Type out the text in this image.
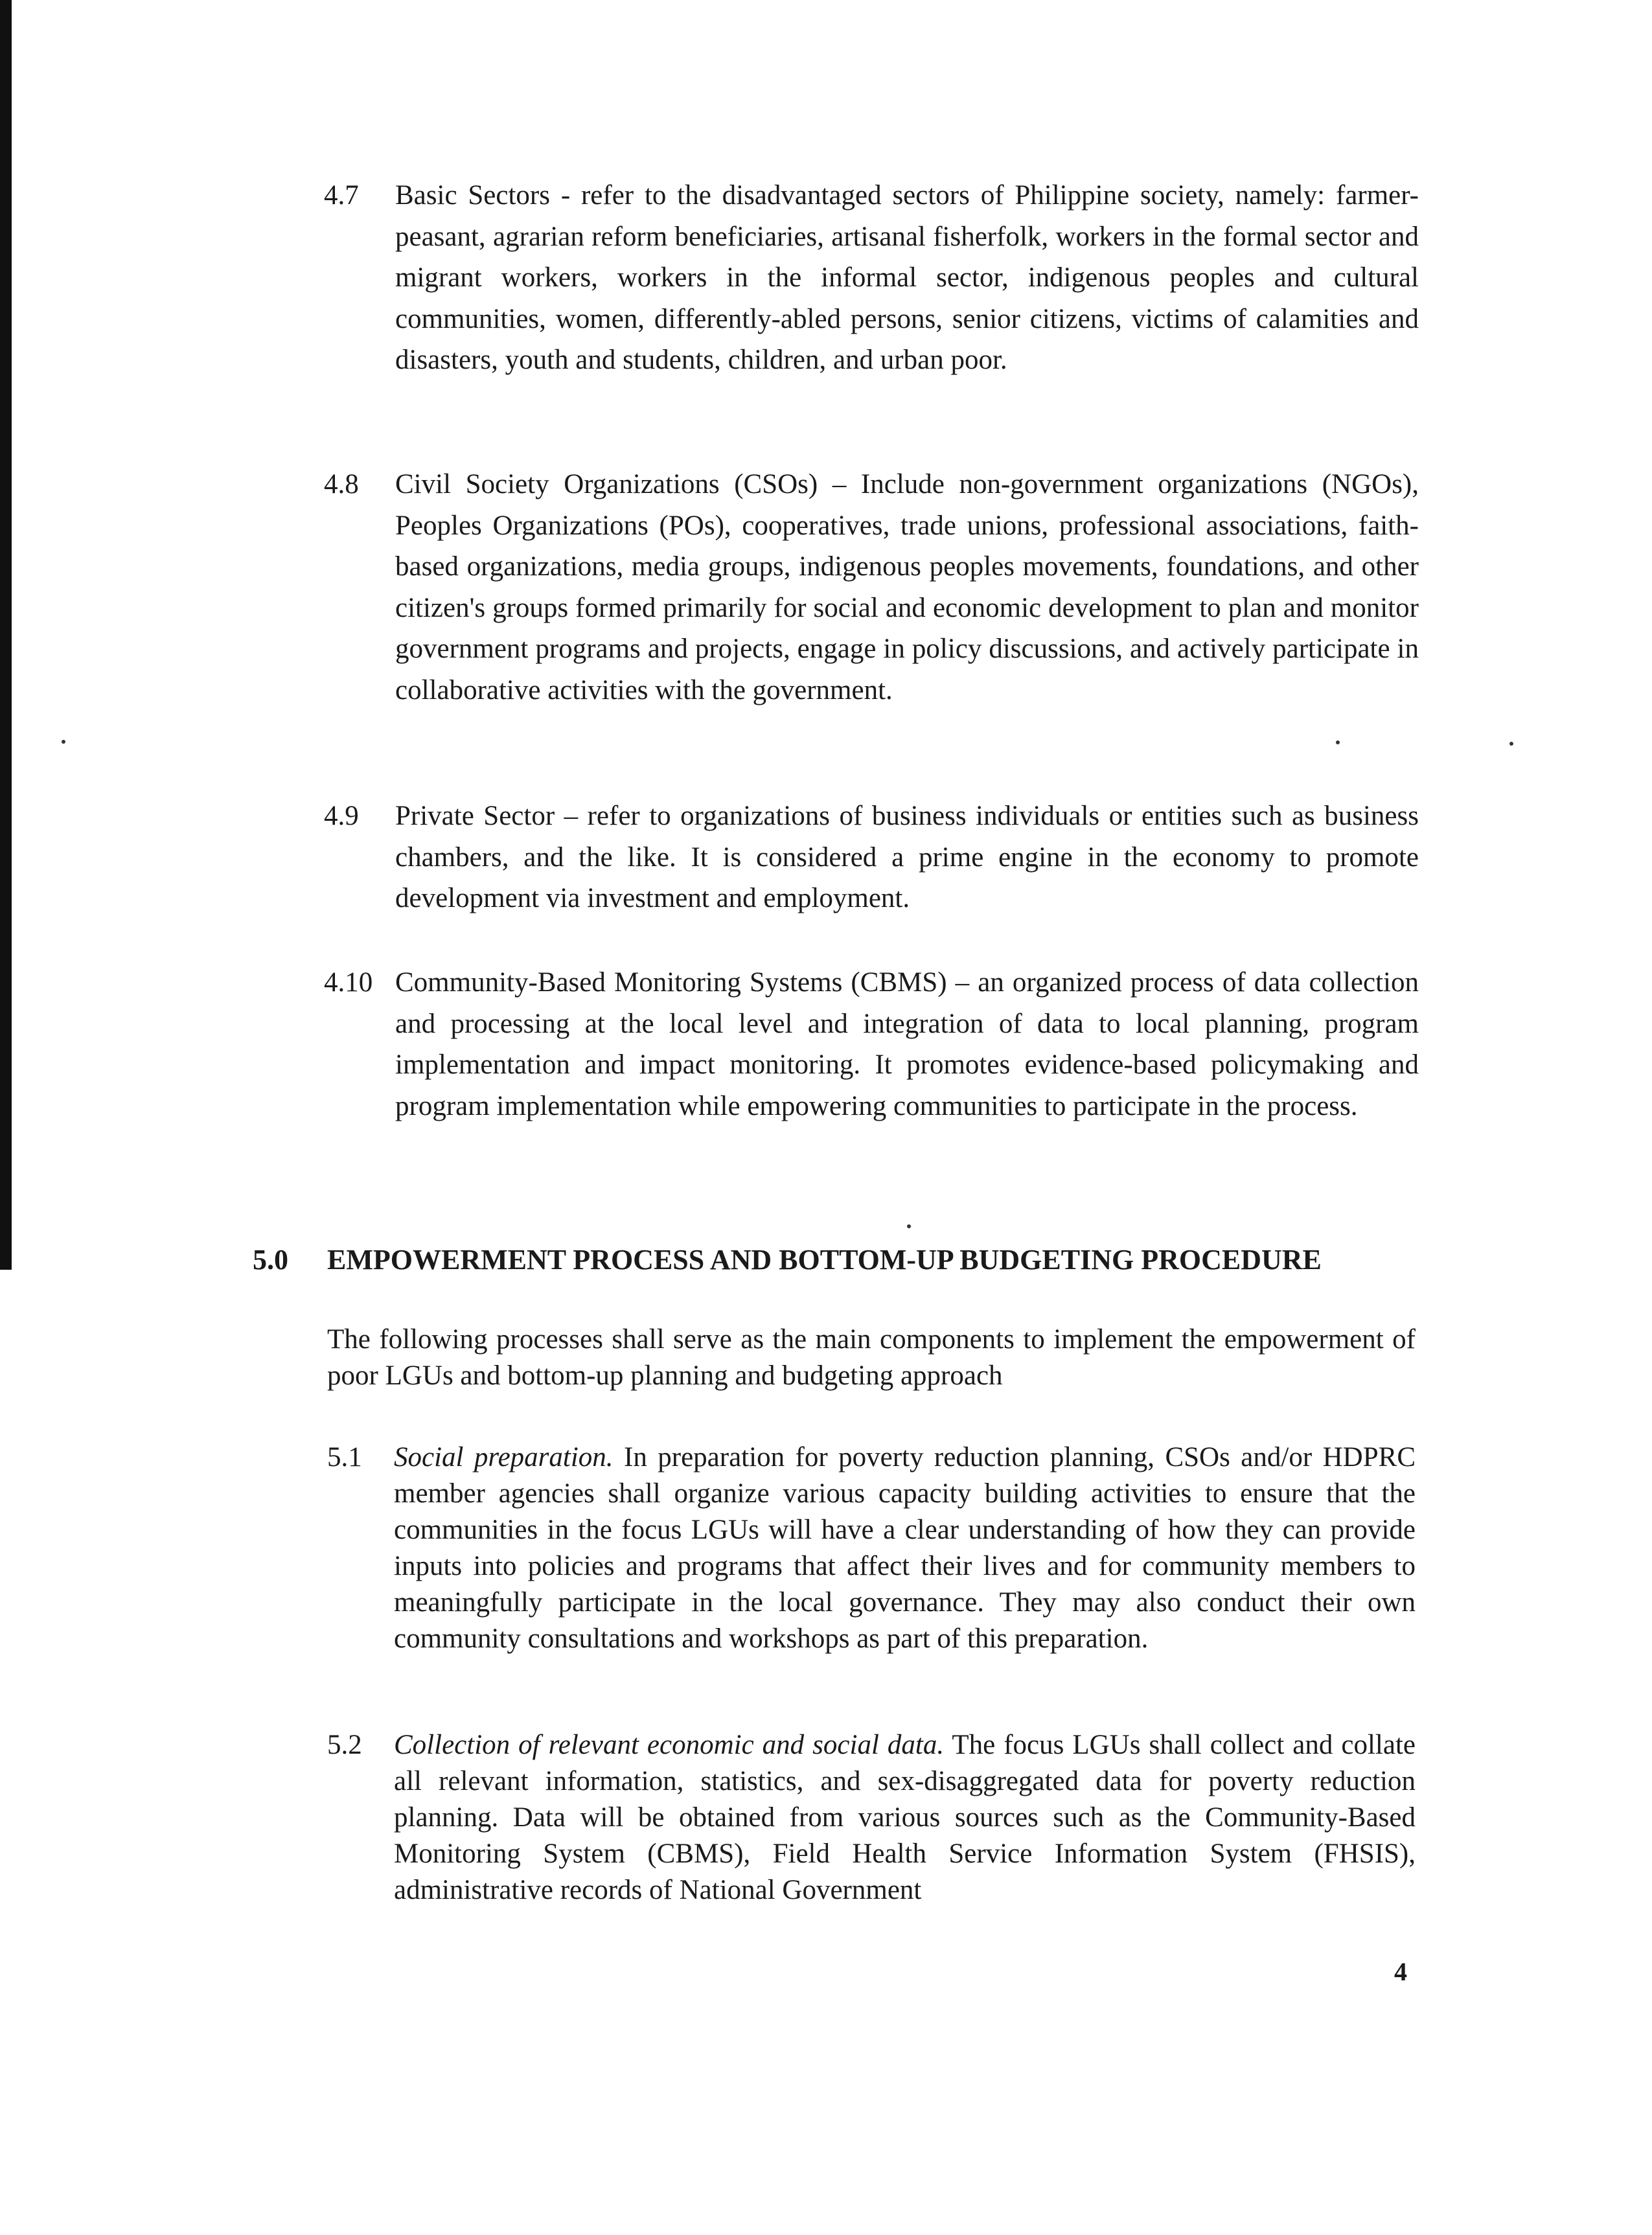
4.7 Basic Sectors - refer to the disadvantaged sectors of Philippine society, namely: farmer-peasant, agrarian reform beneficiaries, artisanal fisherfolk, workers in the formal sector and migrant workers, workers in the informal sector, indigenous peoples and cultural communities, women, differently-abled persons, senior citizens, victims of calamities and disasters, youth and students, children, and urban poor.
4.8 Civil Society Organizations (CSOs) – Include non-government organizations (NGOs), Peoples Organizations (POs), cooperatives, trade unions, professional associations, faith-based organizations, media groups, indigenous peoples movements, foundations, and other citizen's groups formed primarily for social and economic development to plan and monitor government programs and projects, engage in policy discussions, and actively participate in collaborative activities with the government.
4.9 Private Sector – refer to organizations of business individuals or entities such as business chambers, and the like. It is considered a prime engine in the economy to promote development via investment and employment.
4.10 Community-Based Monitoring Systems (CBMS) – an organized process of data collection and processing at the local level and integration of data to local planning, program implementation and impact monitoring. It promotes evidence-based policymaking and program implementation while empowering communities to participate in the process.
5.0 EMPOWERMENT PROCESS AND BOTTOM-UP BUDGETING PROCEDURE
The following processes shall serve as the main components to implement the empowerment of poor LGUs and bottom-up planning and budgeting approach
5.1 Social preparation. In preparation for poverty reduction planning, CSOs and/or HDPRC member agencies shall organize various capacity building activities to ensure that the communities in the focus LGUs will have a clear understanding of how they can provide inputs into policies and programs that affect their lives and for community members to meaningfully participate in the local governance. They may also conduct their own community consultations and workshops as part of this preparation.
5.2 Collection of relevant economic and social data. The focus LGUs shall collect and collate all relevant information, statistics, and sex-disaggregated data for poverty reduction planning. Data will be obtained from various sources such as the Community-Based Monitoring System (CBMS), Field Health Service Information System (FHSIS), administrative records of National Government
4
